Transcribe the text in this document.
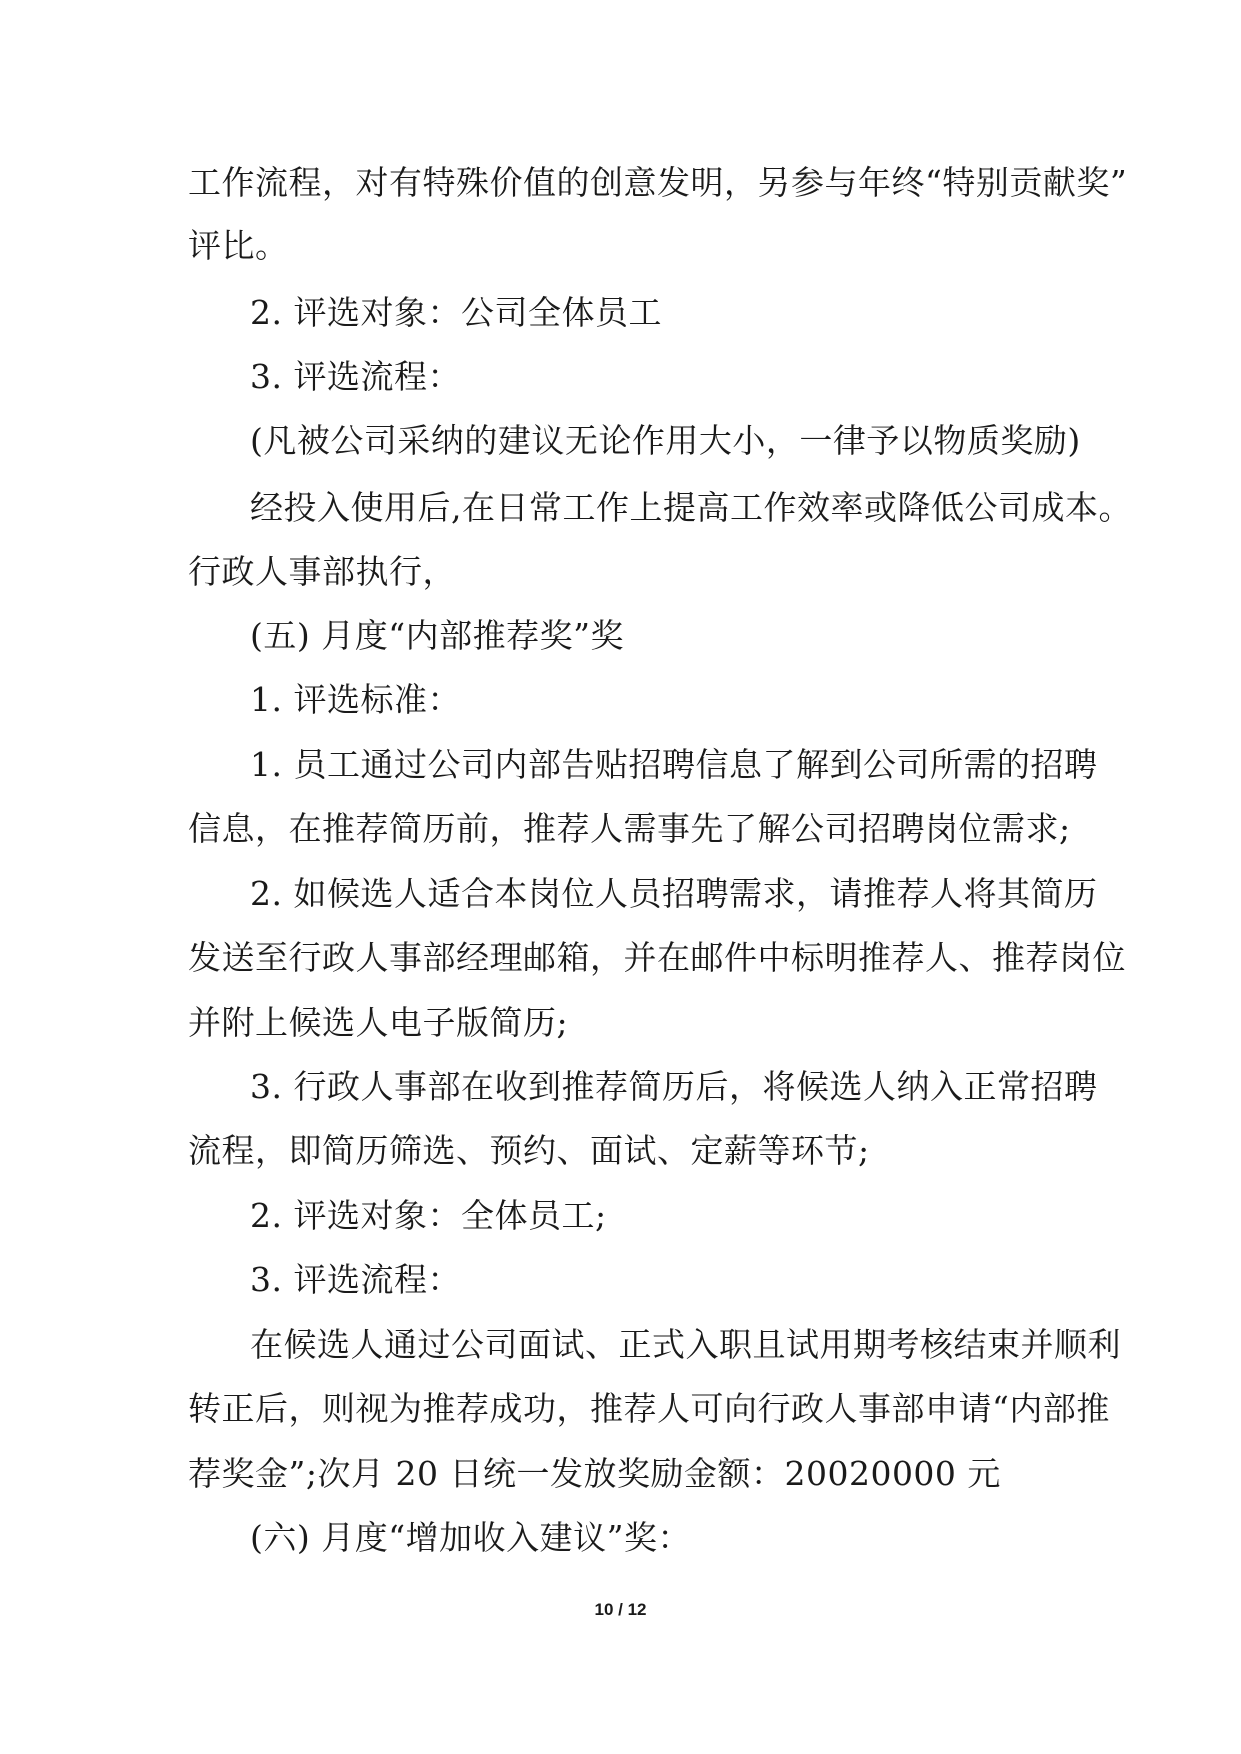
工作流程，对有特殊价值的创意发明，另参与年终“特别贡献奖”
评比。
2. 评选对象：公司全体员工
3. 评选流程：
(凡被公司采纳的建议无论作用大小，一律予以物质奖励)
经投入使用后,在日常工作上提高工作效率或降低公司成本。
行政人事部执行，
(五) 月度“内部推荐奖”奖
1. 评选标准：
1. 员工通过公司内部告贴招聘信息了解到公司所需的招聘
信息，在推荐简历前，推荐人需事先了解公司招聘岗位需求;
2. 如候选人适合本岗位人员招聘需求，请推荐人将其简历
发送至行政人事部经理邮箱，并在邮件中标明推荐人、推荐岗位
并附上候选人电子版简历;
3. 行政人事部在收到推荐简历后，将候选人纳入正常招聘
流程，即简历筛选、预约、面试、定薪等环节;
2. 评选对象：全体员工;
3. 评选流程：
在候选人通过公司面试、正式入职且试用期考核结束并顺利
转正后，则视为推荐成功，推荐人可向行政人事部申请“内部推
荐奖金”;次月 20 日统一发放奖励金额：20020000 元
(六) 月度“增加收入建议”奖：
10 / 12
